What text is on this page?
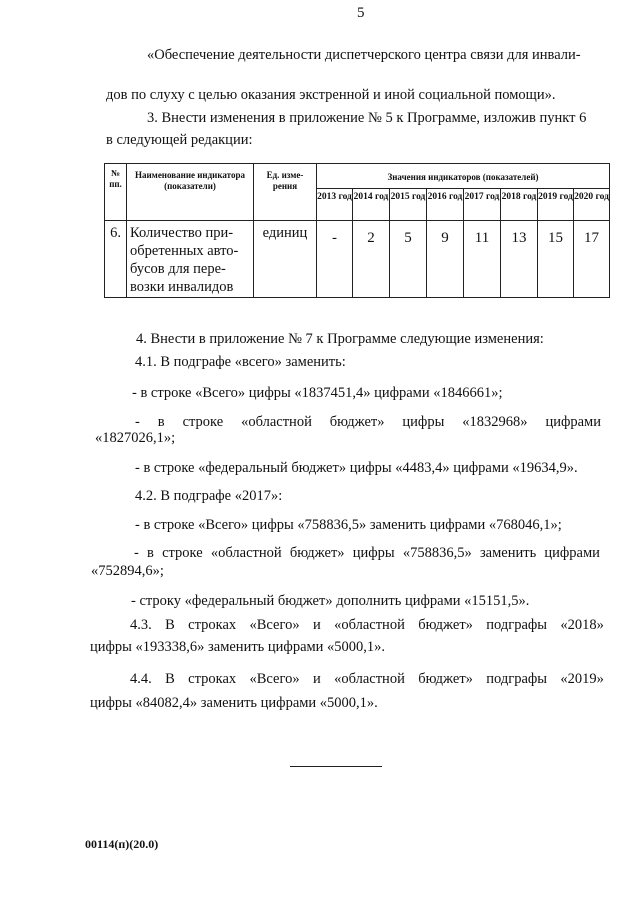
5
«Обеспечение деятельности диспетчерского центра связи для инвали-
дов по слуху с целью оказания экстренной и иной социальной помощи».
3. Внести изменения в приложение № 5 к Программе, изложив пункт 6
в следующей редакции:
№ пп.	Наименование индикатора (показатели)	Ед. изме- рения	Значения индикаторов (показателей)							
			2013 год	2014 год	2015 год	2016 год	2017 год	2018 год	2019 год	2020 год
6.	Количество при-
обретенных авто-
бусов для пере-
возки инвалидов	единиц	-	2	5	9	11	13	15	17
4. Внести в приложение № 7 к Программе следующие изменения:
4.1. В подграфе «всего» заменить:
- в строке «Всего» цифры «1837451,4» цифрами «1846661»;
- в строке «областной бюджет» цифры «1832968» цифрами
«1827026,1»;
- в строке «федеральный бюджет» цифры «4483,4» цифрами «19634,9».
4.2. В подграфе «2017»:
- в строке «Всего» цифры «758836,5» заменить цифрами «768046,1»;
- в строке «областной бюджет» цифры «758836,5» заменить цифрами
«752894,6»;
- строку «федеральный бюджет» дополнить цифрами «15151,5».
4.3. В строках «Всего» и «областной бюджет» подграфы «2018»
цифры «193338,6» заменить цифрами «5000,1».
4.4. В строках «Всего» и «областной бюджет» подграфы «2019»
цифры «84082,4» заменить цифрами «5000,1».
00114(п)(20.0)
